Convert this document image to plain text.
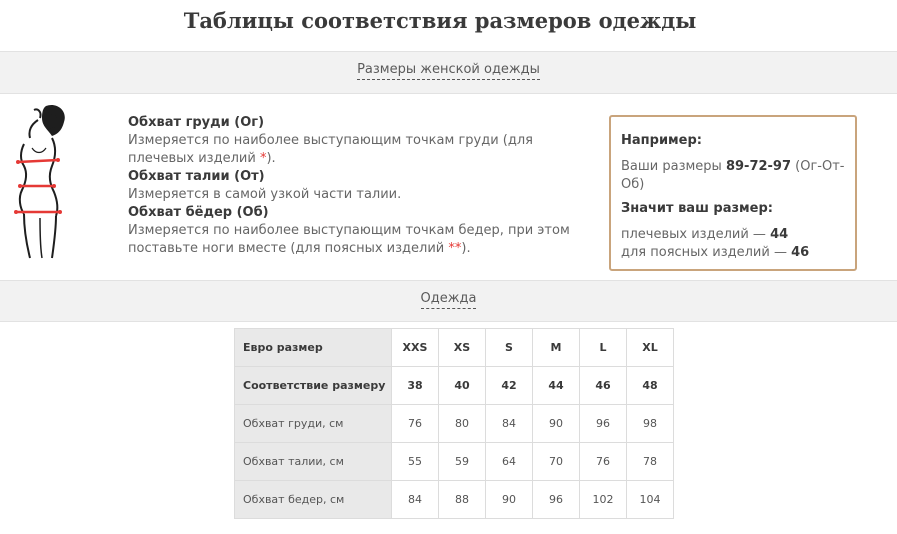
Таблицы соответствия размеров одежды
Размеры женской одежды
Обхват груди (Ог)
Измеряется по наиболее выступающим точкам груди (для плечевых изделий *).
Обхват талии (От)
Измеряется в самой узкой части талии.
Обхват бёдер (Об)
Измеряется по наиболее выступающим точкам бедер, при этом поставьте ноги вместе (для поясных изделий **).
Например:
Ваши размеры 89-72-97 (Ог-От-Об)
Значит ваш размер:
плечевых изделий — 44
для поясных изделий — 46
Одежда
Евро размер	XXS	XS	S	M	L	XL
Соответствие размеру	38	40	42	44	46	48
Обхват груди, см	76	80	84	90	96	98
Обхват талии, см	55	59	64	70	76	78
Обхват бедер, см	84	88	90	96	102	104
